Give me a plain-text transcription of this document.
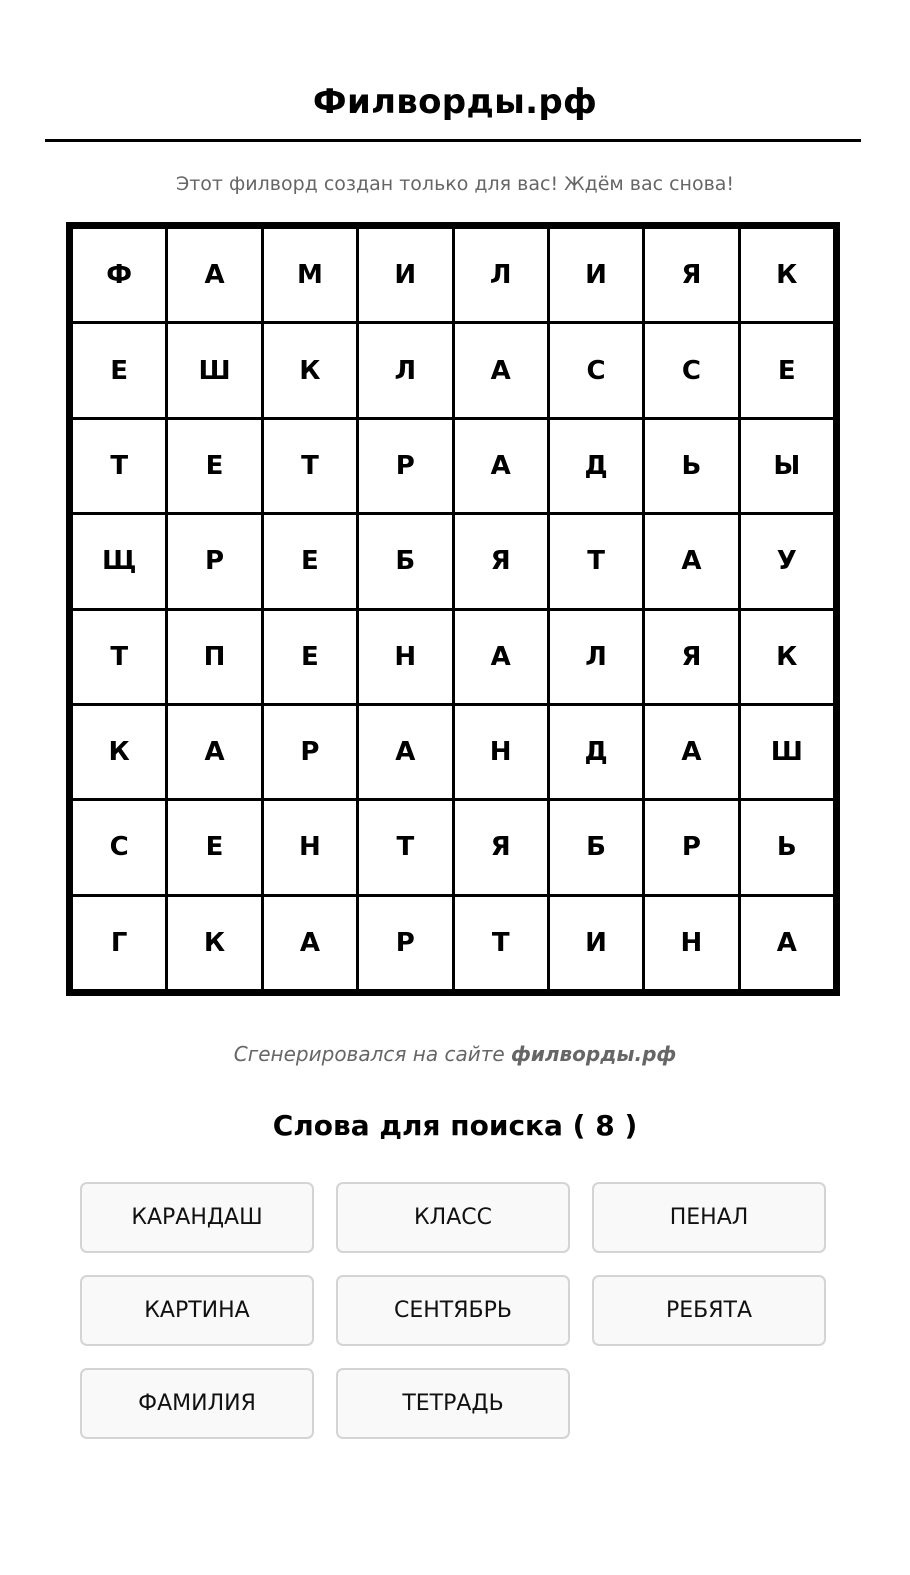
Филворды.рф
Этот филворд создан только для вас! Ждём вас снова!
Ф	А	М	И	Л	И	Я	К
Е	Ш	К	Л	А	С	С	Е
Т	Е	Т	Р	А	Д	Ь	Ы
Щ	Р	Е	Б	Я	Т	А	У
Т	П	Е	Н	А	Л	Я	К
К	А	Р	А	Н	Д	А	Ш
С	Е	Н	Т	Я	Б	Р	Ь
Г	К	А	Р	Т	И	Н	А
Сгенерировался на сайте филворды.рф
Слова для поиска ( 8 )
КАРАНДАШ	КЛАСС	ПЕНАЛ
КАРТИНА	СЕНТЯБРЬ	РЕБЯТА
ФАМИЛИЯ	ТЕТРАДЬ
